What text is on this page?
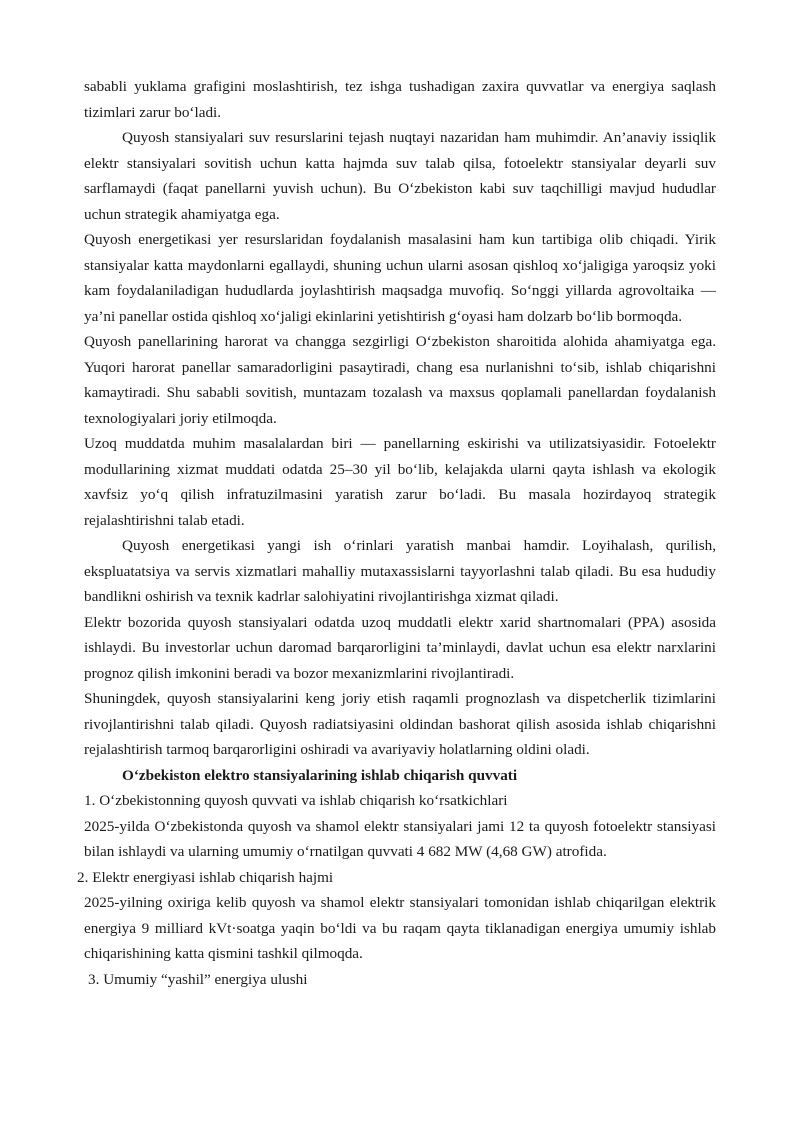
sababli yuklama grafigini moslashtirish, tez ishga tushadigan zaxira quvvatlar va energiya saqlash tizimlari zarur bo‘ladi.

Quyosh stansiyalari suv resurslarini tejash nuqtayi nazaridan ham muhimdir. An’anaviy issiqlik elektr stansiyalari sovitish uchun katta hajmda suv talab qilsa, fotoelektr stansiyalar deyarli suv sarflamaydi (faqat panellarni yuvish uchun). Bu O‘zbekiston kabi suv taqchilligi mavjud hududlar uchun strategik ahamiyatga ega.

Quyosh energetikasi yer resurslaridan foydalanish masalasini ham kun tartibiga olib chiqadi. Yirik stansiyalar katta maydonlarni egallaydi, shuning uchun ularni asosan qishloq xo‘jaligiga yaroqsiz yoki kam foydalaniladigan hududlarda joylashtirish maqsadga muvofiq. So‘nggi yillarda agrovoltaika — ya’ni panellar ostida qishloq xo‘jaligi ekinlarini yetishtirish g‘oyasi ham dolzarb bo‘lib bormoqda.

Quyosh panellarining harorat va changga sezgirligi O‘zbekiston sharoitida alohida ahamiyatga ega. Yuqori harorat panellar samaradorligini pasaytiradi, chang esa nurlanishni to‘sib, ishlab chiqarishni kamaytiradi. Shu sababli sovitish, muntazam tozalash va maxsus qoplamali panellardan foydalanish texnologiyalari joriy etilmoqda.

Uzoq muddatda muhim masalalardan biri — panellarning eskirishi va utilizatsiyasidir. Fotoelektr modullarining xizmat muddati odatda 25–30 yil bo‘lib, kelajakda ularni qayta ishlash va ekologik xavfsiz yo‘q qilish infratuzilmasini yaratish zarur bo‘ladi. Bu masala hozirdayoq strategik rejalashtirishni talab etadi.

Quyosh energetikasi yangi ish o‘rinlari yaratish manbai hamdir. Loyihalash, qurilish, ekspluatatsiya va servis xizmatlari mahalliy mutaxassislarni tayyorlashni talab qiladi. Bu esa hududiy bandlikni oshirish va texnik kadrlar salohiyatini rivojlantirishga xizmat qiladi.

Elektr bozorida quyosh stansiyalari odatda uzoq muddatli elektr xarid shartnomalari (PPA) asosida ishlaydi. Bu investorlar uchun daromad barqarorligini ta’minlaydi, davlat uchun esa elektr narxlarini prognoz qilish imkonini beradi va bozor mexanizmlarini rivojlantiradi.

Shuningdek, quyosh stansiyalarini keng joriy etish raqamli prognozlash va dispetcherlik tizimlarini rivojlantirishni talab qiladi. Quyosh radiatsiyasini oldindan bashorat qilish asosida ishlab chiqarishni rejalashtirish tarmoq barqarorligini oshiradi va avariyaviy holatlarning oldini oladi.

O‘zbekiston elektro stansiyalarining ishlab chiqarish quvvati

1. O‘zbekistonning quyosh quvvati va ishlab chiqarish ko‘rsatkichlari

2025-yilda O‘zbekistonda quyosh va shamol elektr stansiyalari jami 12 ta quyosh fotoelektr stansiyasi bilan ishlaydi va ularning umumiy o‘rnatilgan quvvati 4 682 MW (4,68 GW) atrofida.

2. Elektr energiyasi ishlab chiqarish hajmi

2025-yilning oxiriga kelib quyosh va shamol elektr stansiyalari tomonidan ishlab chiqarilgan elektrik energiya 9 milliard kVt·soatga yaqin bo‘ldi va bu raqam qayta tiklanadigan energiya umumiy ishlab chiqarishining katta qismini tashkil qilmoqda.

3. Umumiy “yashil” energiya ulushi
